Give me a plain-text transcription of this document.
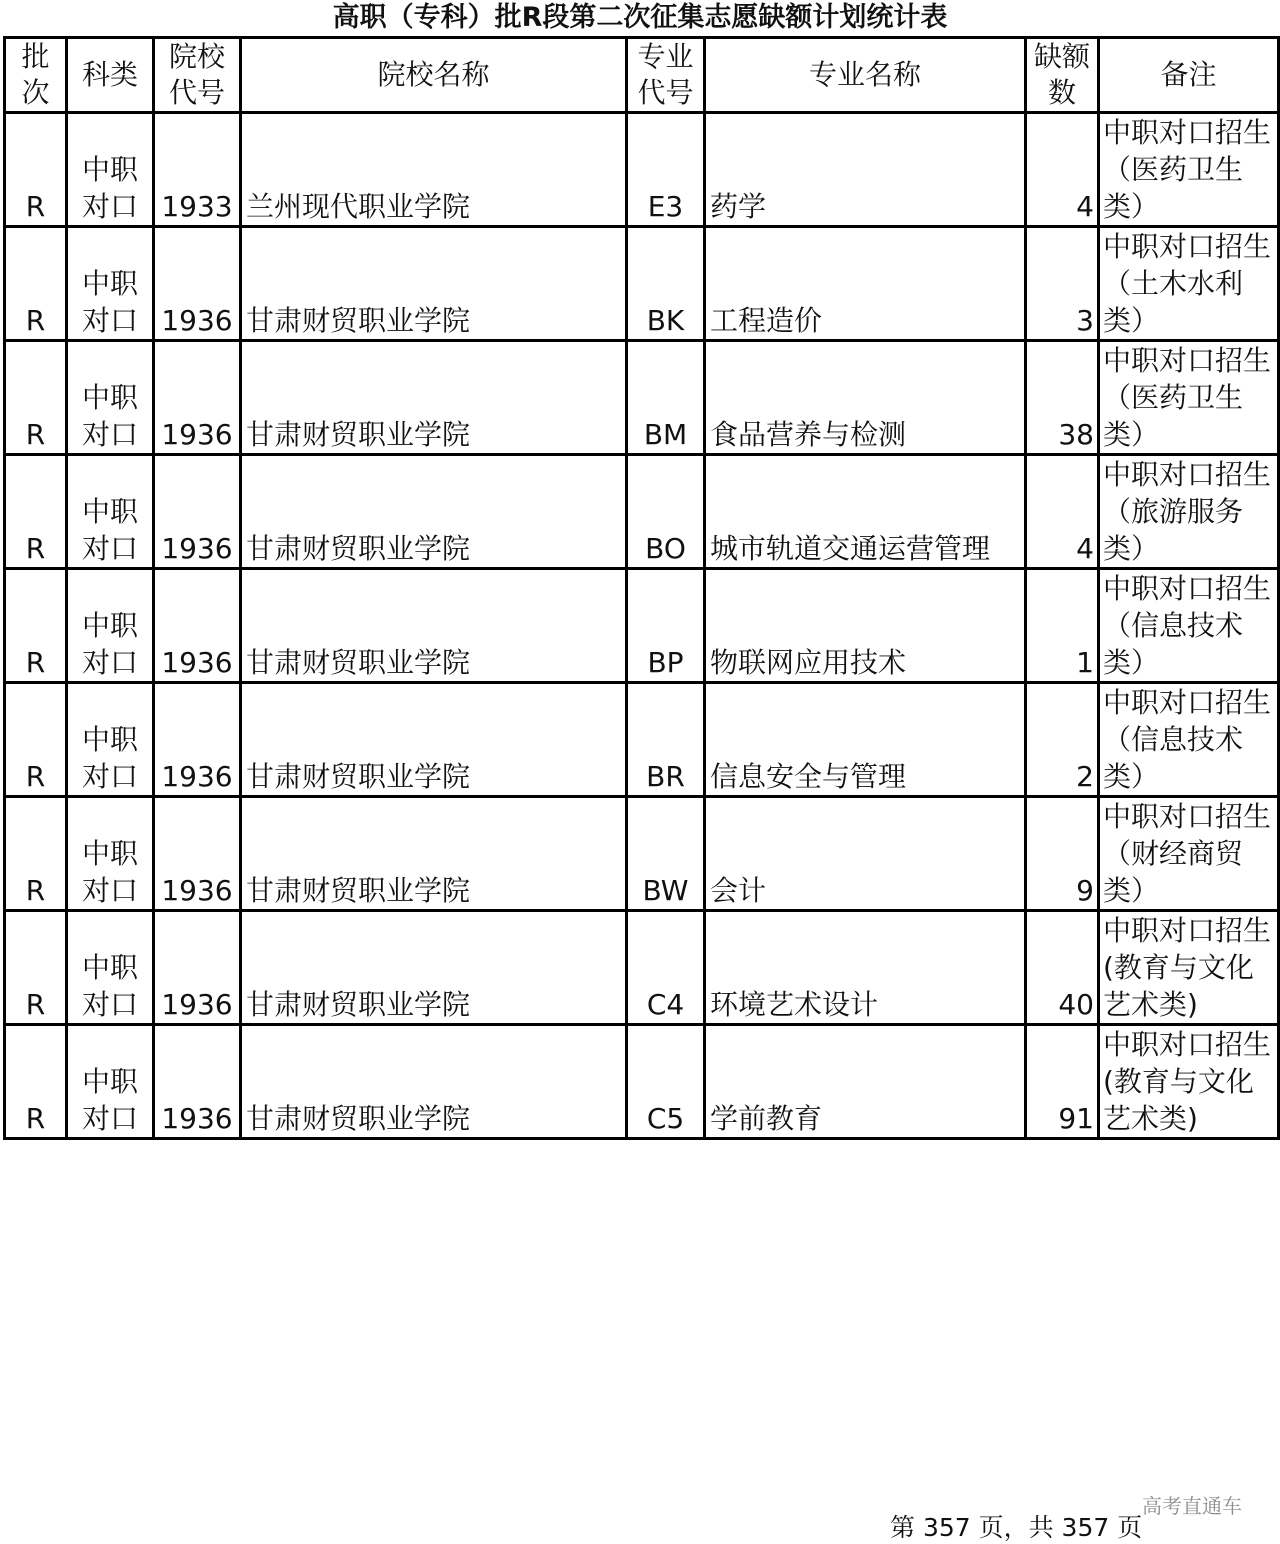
高职（专科）批R段第二次征集志愿缺额计划统计表
批次	科类	院校代号	院校名称	专业代号	专业名称	缺额数	备注
R	中职对口	1933	兰州现代职业学院	E3	药学	4	中职对口招生（医药卫生类）
R	中职对口	1936	甘肃财贸职业学院	BK	工程造价	3	中职对口招生（土木水利类）
R	中职对口	1936	甘肃财贸职业学院	BM	食品营养与检测	38	中职对口招生（医药卫生类）
R	中职对口	1936	甘肃财贸职业学院	BO	城市轨道交通运营管理	4	中职对口招生（旅游服务类）
R	中职对口	1936	甘肃财贸职业学院	BP	物联网应用技术	1	中职对口招生（信息技术类）
R	中职对口	1936	甘肃财贸职业学院	BR	信息安全与管理	2	中职对口招生（信息技术类）
R	中职对口	1936	甘肃财贸职业学院	BW	会计	9	中职对口招生（财经商贸类）
R	中职对口	1936	甘肃财贸职业学院	C4	环境艺术设计	40	中职对口招生(教育与文化艺术类)
R	中职对口	1936	甘肃财贸职业学院	C5	学前教育	91	中职对口招生(教育与文化艺术类)
高考直通车
第 357 页，共 357 页
